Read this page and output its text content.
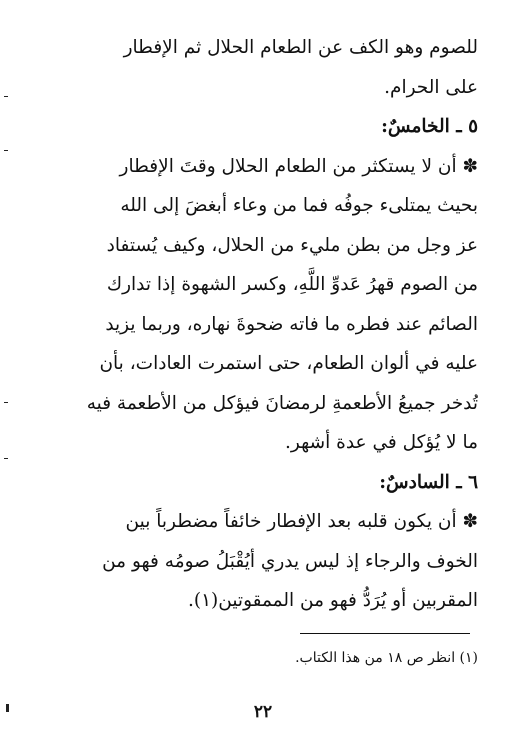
للصوم وهو الكف عن الطعام الحلال ثم الإفطار
على الحرام.
٥ ـ الخامسٌ:
✽ أن لا يستكثر من الطعام الحلال وقتَ الإفطار
بحيث يمتلىء جوفُه فما من وعاء أبغضَ إلى الله
عز وجل من بطن مليء من الحلال، وكيف يُستفاد
من الصوم قهرُ عَدوِّ اللَّهِ، وكسر الشهوة إذا تدارك
الصائم عند فطره ما فاته ضحوةَ نهاره، وربما يزيد
عليه في ألوان الطعام، حتى استمرت العادات، بأن
تُدخر جميعُ الأطعمةِ لرمضانَ فيؤكل من الأطعمة فيه
ما لا يُؤكل في عدة أشهر.
٦ ـ السادسٌ:
✽ أن يكون قلبه بعد الإفطار خائفاً مضطرباً بين
الخوف والرجاء إذ ليس يدري أيُقْبَلُ صومُه فهو من
المقربين أو يُرَدُّ فهو من الممقوتين(١).
(١) انظر ص ١٨ من هذا الكتاب.
٢٢
